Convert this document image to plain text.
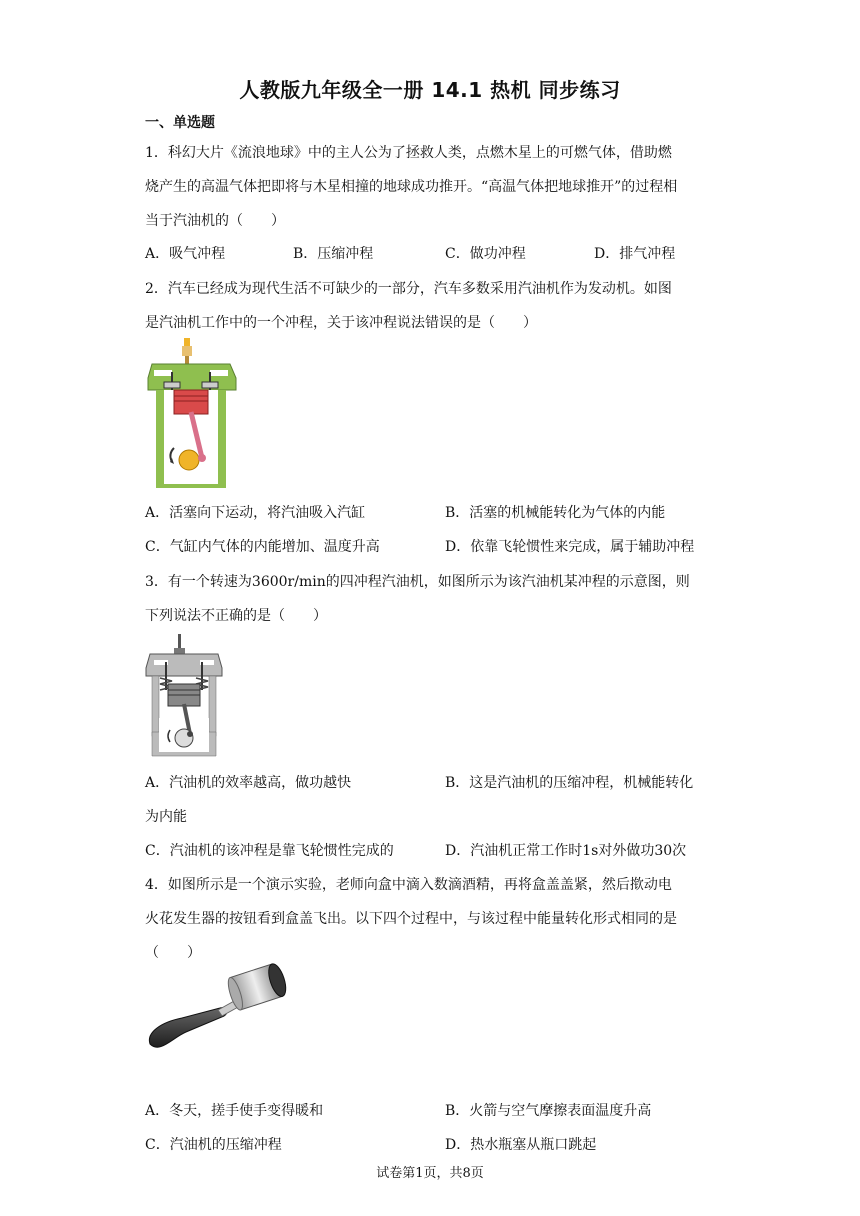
人教版九年级全一册 14.1 热机 同步练习
一、单选题
1．科幻大片《流浪地球》中的主人公为了拯救人类，点燃木星上的可燃气体，借助燃
烧产生的高温气体把即将与木星相撞的地球成功推开。“高温气体把地球推开”的过程相
当于汽油机的（　　）
A．吸气冲程	B．压缩冲程	C．做功冲程	D．排气冲程
2．汽车已经成为现代生活不可缺少的一部分，汽车多数采用汽油机作为发动机。如图
是汽油机工作中的一个冲程，关于该冲程说法错误的是（　　）
A．活塞向下运动，将汽油吸入汽缸	B．活塞的机械能转化为气体的内能
C．气缸内气体的内能增加、温度升高	D．依靠飞轮惯性来完成，属于辅助冲程
3．有一个转速为3600r/min的四冲程汽油机，如图所示为该汽油机某冲程的示意图，则
下列说法不正确的是（　　）
A．汽油机的效率越高，做功越快	B．这是汽油机的压缩冲程，机械能转化
为内能
C．汽油机的该冲程是靠飞轮惯性完成的	D．汽油机正常工作时1s对外做功30次
4．如图所示是一个演示实验，老师向盒中滴入数滴酒精，再将盒盖盖紧，然后揿动电
火花发生器的按钮看到盒盖飞出。以下四个过程中，与该过程中能量转化形式相同的是
（　　）
A．冬天，搓手使手变得暖和	B．火箭与空气摩擦表面温度升高
C．汽油机的压缩冲程	D．热水瓶塞从瓶口跳起
试卷第1页，共8页
